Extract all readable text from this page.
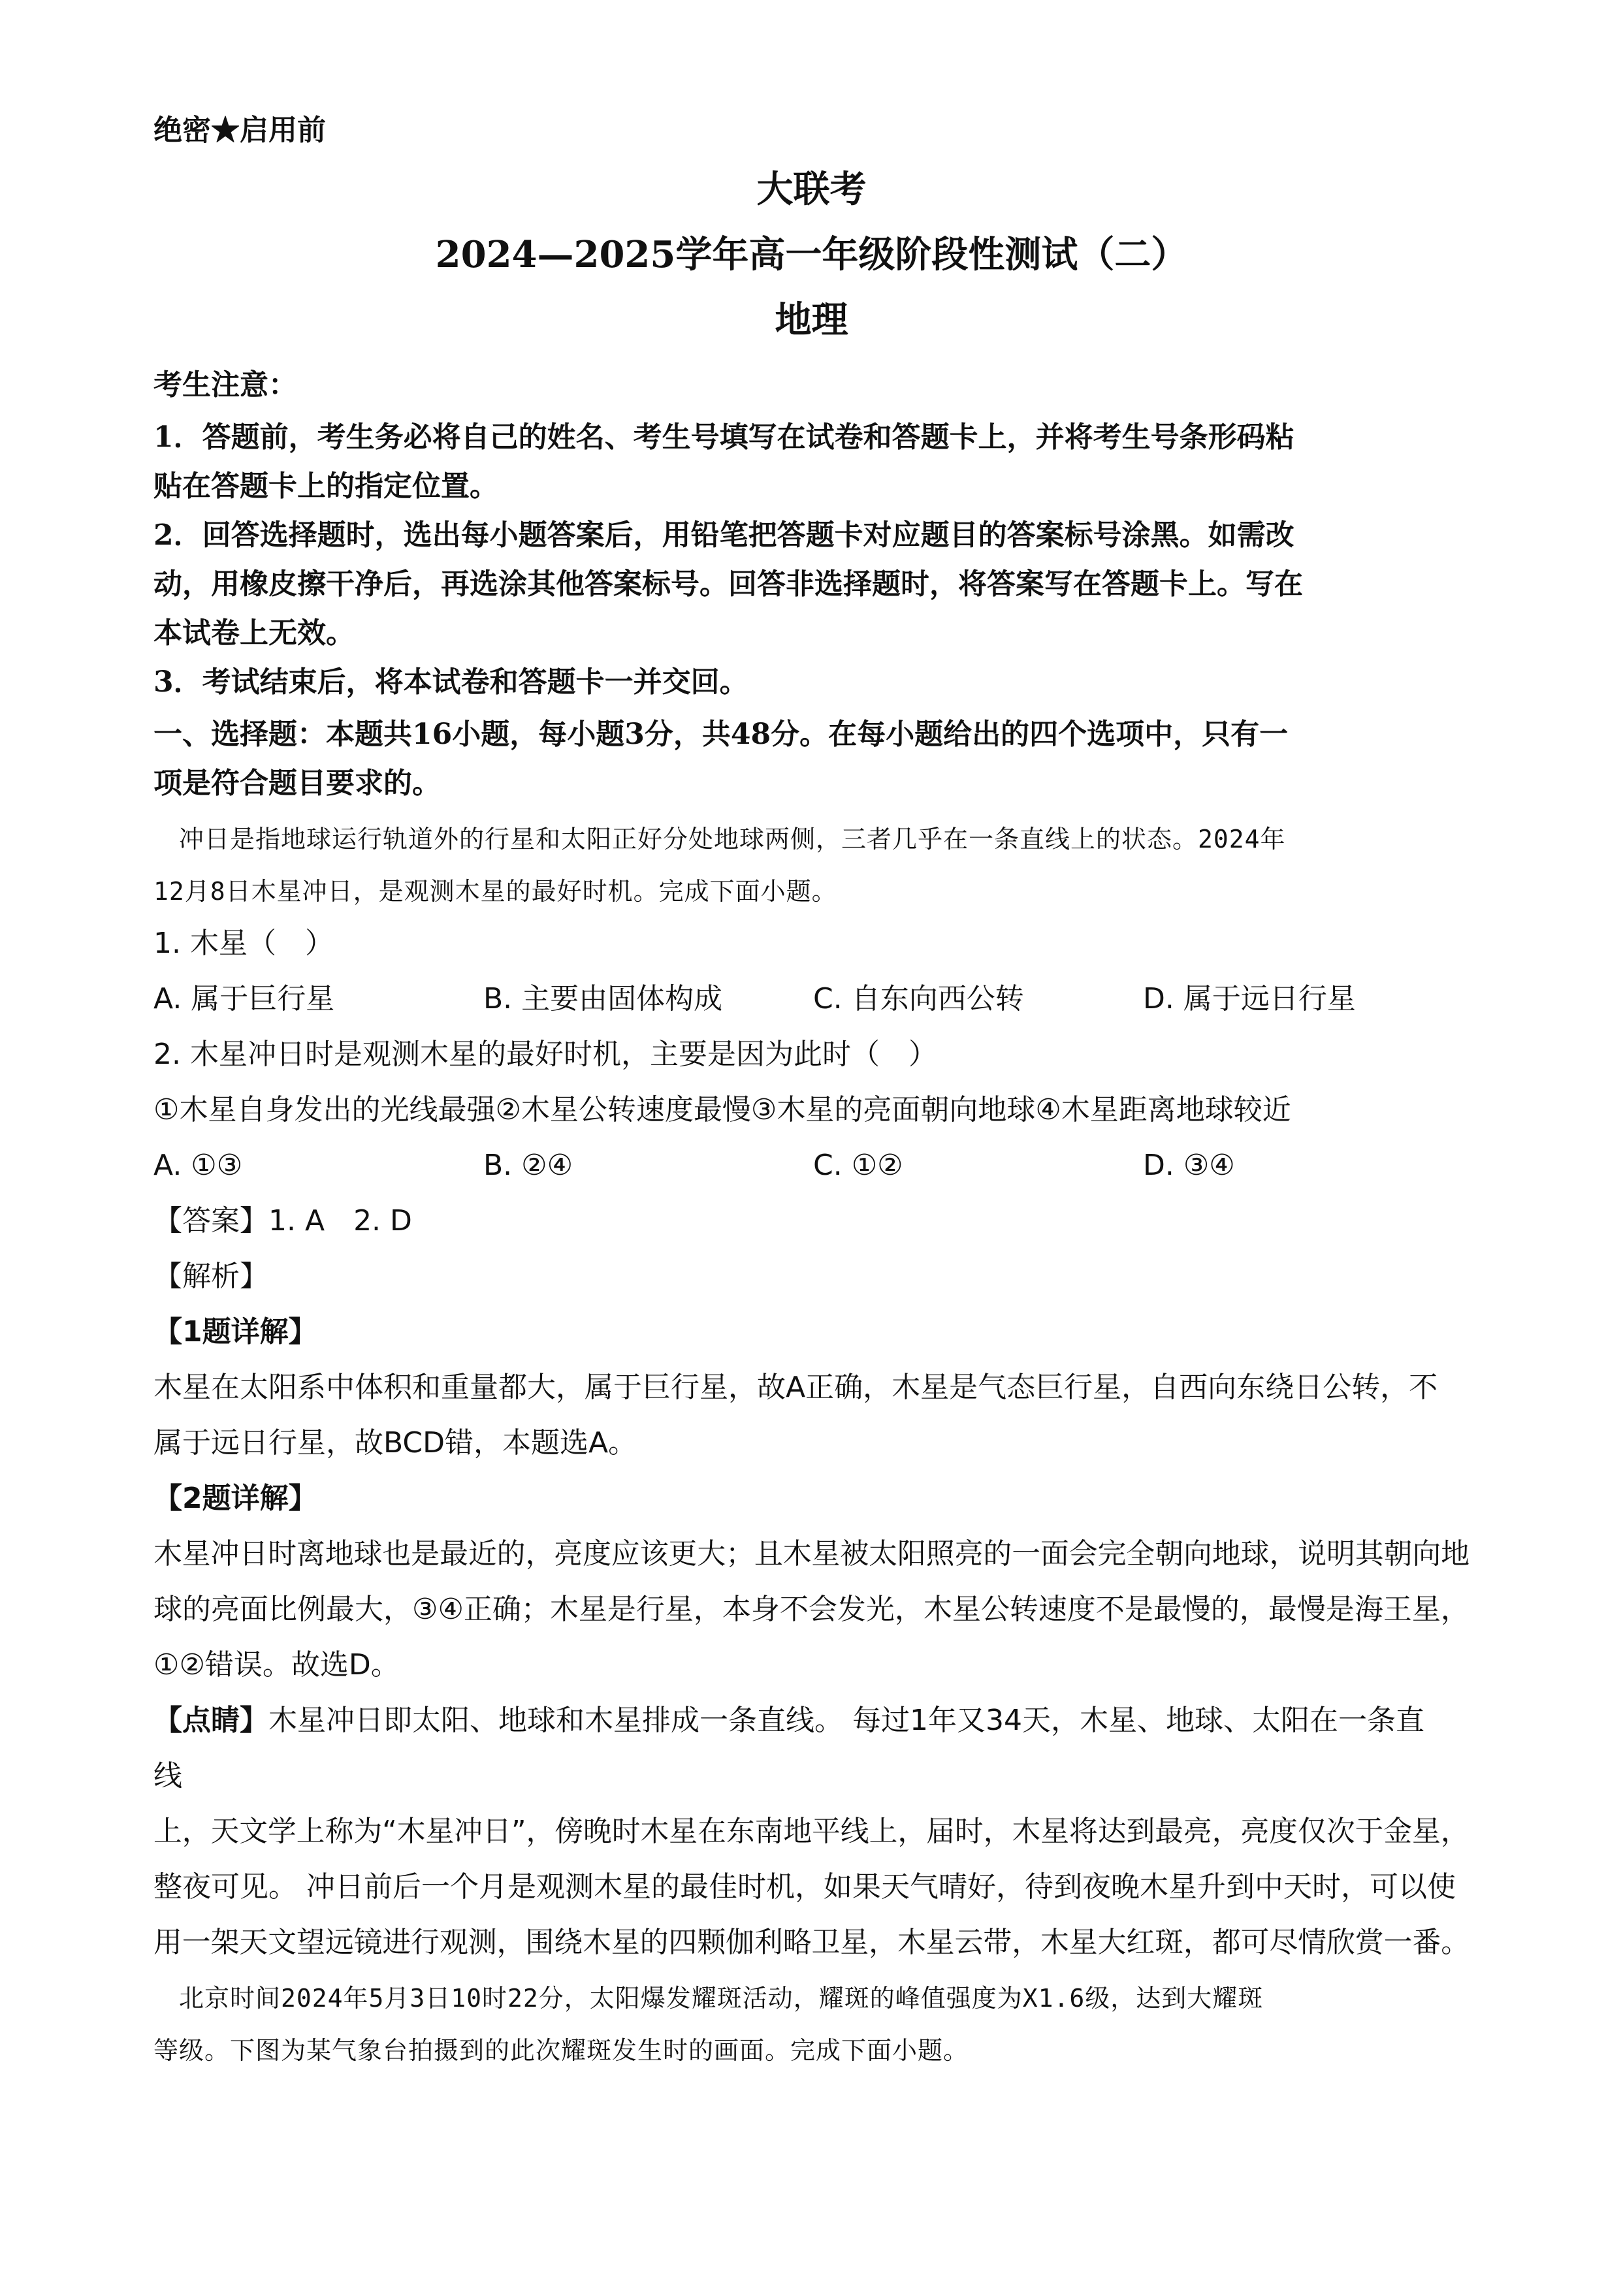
绝密★启用前
大联考
2024—2025学年高一年级阶段性测试（二）
地理
考生注意：
1．答题前，考生务必将自己的姓名、考生号填写在试卷和答题卡上，并将考生号条形码粘
贴在答题卡上的指定位置。
2．回答选择题时，选出每小题答案后，用铅笔把答题卡对应题目的答案标号涂黑。如需改
动，用橡皮擦干净后，再选涂其他答案标号。回答非选择题时，将答案写在答题卡上。写在
本试卷上无效。
3．考试结束后，将本试卷和答题卡一并交回。
一、选择题：本题共16小题，每小题3分，共48分。在每小题给出的四个选项中，只有一
项是符合题目要求的。
　冲日是指地球运行轨道外的行星和太阳正好分处地球两侧，三者几乎在一条直线上的状态。2024年
12月8日木星冲日，是观测木星的最好时机。完成下面小题。
1. 木星（　）
A. 属于巨行星	B. 主要由固体构成	C. 自东向西公转	D. 属于远日行星
2. 木星冲日时是观测木星的最好时机，主要是因为此时（　）
①木星自身发出的光线最强②木星公转速度最慢③木星的亮面朝向地球④木星距离地球较近
A. ①③	B. ②④	C. ①②	D. ③④
【答案】1. A　2. D
【解析】
【1题详解】
木星在太阳系中体积和重量都大，属于巨行星，故A正确，木星是气态巨行星，自西向东绕日公转，不
属于远日行星，故BCD错，本题选A。
【2题详解】
木星冲日时离地球也是最近的，亮度应该更大；且木星被太阳照亮的一面会完全朝向地球，说明其朝向地
球的亮面比例最大，③④正确；木星是行星，本身不会发光，木星公转速度不是最慢的，最慢是海王星，
①②错误。故选D。
【点睛】木星冲日即太阳、地球和木星排成一条直线。 每过1年又34天，木星、地球、太阳在一条直
线
上，天文学上称为“木星冲日”，傍晚时木星在东南地平线上，届时，木星将达到最亮，亮度仅次于金星，
整夜可见。 冲日前后一个月是观测木星的最佳时机，如果天气晴好，待到夜晚木星升到中天时，可以使
用一架天文望远镜进行观测，围绕木星的四颗伽利略卫星，木星云带，木星大红斑，都可尽情欣赏一番。
　北京时间2024年5月3日10时22分，太阳爆发耀斑活动，耀斑的峰值强度为X1.6级，达到大耀斑
等级。下图为某气象台拍摄到的此次耀斑发生时的画面。完成下面小题。
